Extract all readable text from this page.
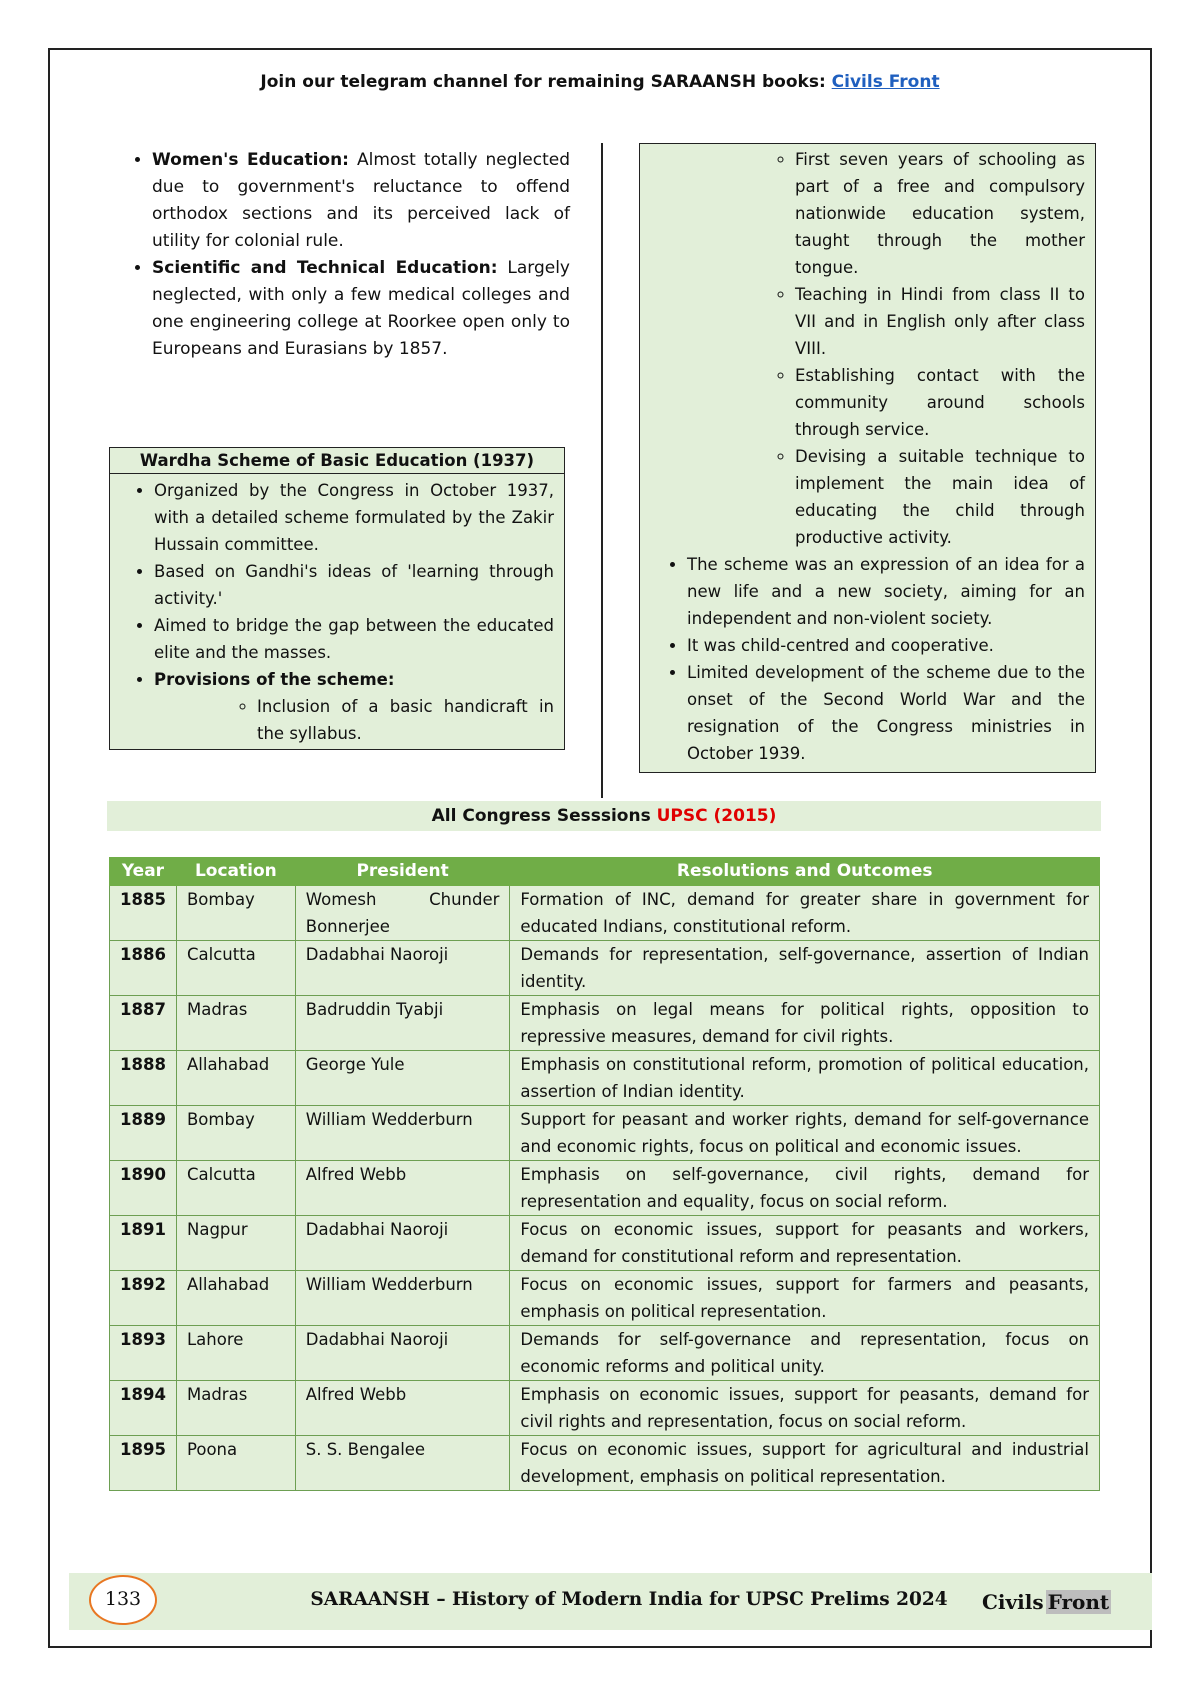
Join our telegram channel for remaining SARAANSH books: Civils Front
• Women's Education: Almost totally neglected due to government's reluctance to offend orthodox sections and its perceived lack of utility for colonial rule.
• Scientific and Technical Education: Largely neglected, with only a few medical colleges and one engineering college at Roorkee open only to Europeans and Eurasians by 1857.
Wardha Scheme of Basic Education (1937)
• Organized by the Congress in October 1937, with a detailed scheme formulated by the Zakir Hussain committee.
• Based on Gandhi's ideas of 'learning through activity.'
• Aimed to bridge the gap between the educated elite and the masses.
• Provisions of the scheme:
◦ Inclusion of a basic handicraft in the syllabus.
◦ First seven years of schooling as part of a free and compulsory nationwide education system, taught through the mother tongue.
◦ Teaching in Hindi from class II to VII and in English only after class VIII.
◦ Establishing contact with the community around schools through service.
◦ Devising a suitable technique to implement the main idea of educating the child through productive activity.
• The scheme was an expression of an idea for a new life and a new society, aiming for an independent and non-violent society.
• It was child-centred and cooperative.
• Limited development of the scheme due to the onset of the Second World War and the resignation of the Congress ministries in October 1939.
All Congress Sesssions UPSC (2015)
Year	Location	President	Resolutions and Outcomes
1885	Bombay	Womesh Chunder Bonnerjee	Formation of INC, demand for greater share in government for educated Indians, constitutional reform.
1886	Calcutta	Dadabhai Naoroji	Demands for representation, self-governance, assertion of Indian identity.
1887	Madras	Badruddin Tyabji	Emphasis on legal means for political rights, opposition to repressive measures, demand for civil rights.
1888	Allahabad	George Yule	Emphasis on constitutional reform, promotion of political education, assertion of Indian identity.
1889	Bombay	William Wedderburn	Support for peasant and worker rights, demand for self-governance and economic rights, focus on political and economic issues.
1890	Calcutta	Alfred Webb	Emphasis on self-governance, civil rights, demand for representation and equality, focus on social reform.
1891	Nagpur	Dadabhai Naoroji	Focus on economic issues, support for peasants and workers, demand for constitutional reform and representation.
1892	Allahabad	William Wedderburn	Focus on economic issues, support for farmers and peasants, emphasis on political representation.
1893	Lahore	Dadabhai Naoroji	Demands for self-governance and representation, focus on economic reforms and political unity.
1894	Madras	Alfred Webb	Emphasis on economic issues, support for peasants, demand for civil rights and representation, focus on social reform.
1895	Poona	S. S. Bengalee	Focus on economic issues, support for agricultural and industrial development, emphasis on political representation.
133	SARAANSH – History of Modern India for UPSC Prelims 2024	Civils Front
